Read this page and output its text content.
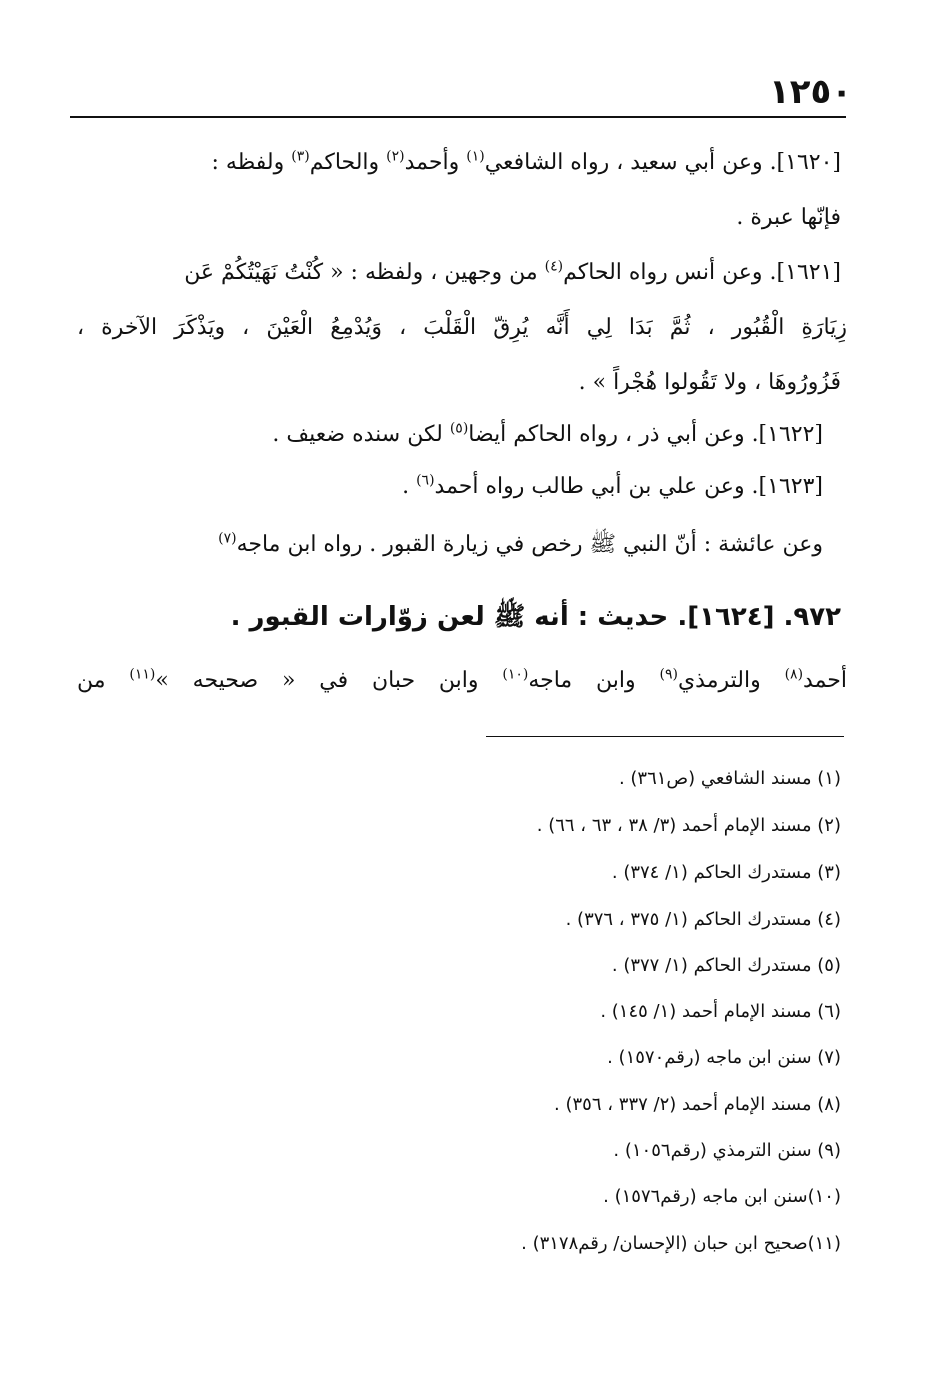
١٢٥٠
[١٦٢٠]. وعن أبي سعيد ، رواه الشافعي$^{(١)}$ وأحمد$^{(٢)}$ والحاكم$^{(٣)}$ ولفظه :
فإنّها عبرة .
[١٦٢١]. وعن أنس رواه الحاكم$^{(٤)}$ من وجهين ، ولفظه : « كُنْتُ نَهَيْتُكُمْ عَن
زِيَارَةِ الْقُبُور ، ثُمَّ بَدَا لِي أَنَّه يُرِقّ الْقَلْبَ ، وَيُدْمِعُ الْعَيْنَ ، ويَذْكَرَ الآخرة ،
فَزُورُوهَا ، ولا تَقُولوا هُجْراً » .
[١٦٢٢]. وعن أبي ذر ، رواه الحاكم أيضا$^{(٥)}$ لكن سنده ضعيف .
[١٦٢٣]. وعن علي بن أبي طالب رواه أحمد$^{(٦)}$ .
وعن عائشة : أنّ النبي ﷺ رخص في زيارة القبور . رواه ابن ماجه$^{(٧)}$
٩٧٢. [١٦٢٤]. حديث : أنه ﷺ لعن زوّارات القبور .
أحمد$^{(٨)}$ والترمذي$^{(٩)}$ وابن ماجه$^{(١٠)}$ وابن حبان في « صحيحه »$^{(١١)}$ من
(١) مسند الشافعي (ص٣٦١) .
(٢) مسند الإمام أحمد (٣/ ٣٨ ، ٦٣ ، ٦٦) .
(٣) مستدرك الحاكم (١/ ٣٧٤) .
(٤) مستدرك الحاكم (١/ ٣٧٥ ، ٣٧٦) .
(٥) مستدرك الحاكم (١/ ٣٧٧) .
(٦) مسند الإمام أحمد (١/ ١٤٥) .
(٧) سنن ابن ماجه (رقم١٥٧٠) .
(٨) مسند الإمام أحمد (٢/ ٣٣٧ ، ٣٥٦) .
(٩) سنن الترمذي (رقم١٠٥٦) .
(١٠)سنن ابن ماجه (رقم١٥٧٦) .
(١١)صحيح ابن حبان (الإحسان/ رقم٣١٧٨) .
